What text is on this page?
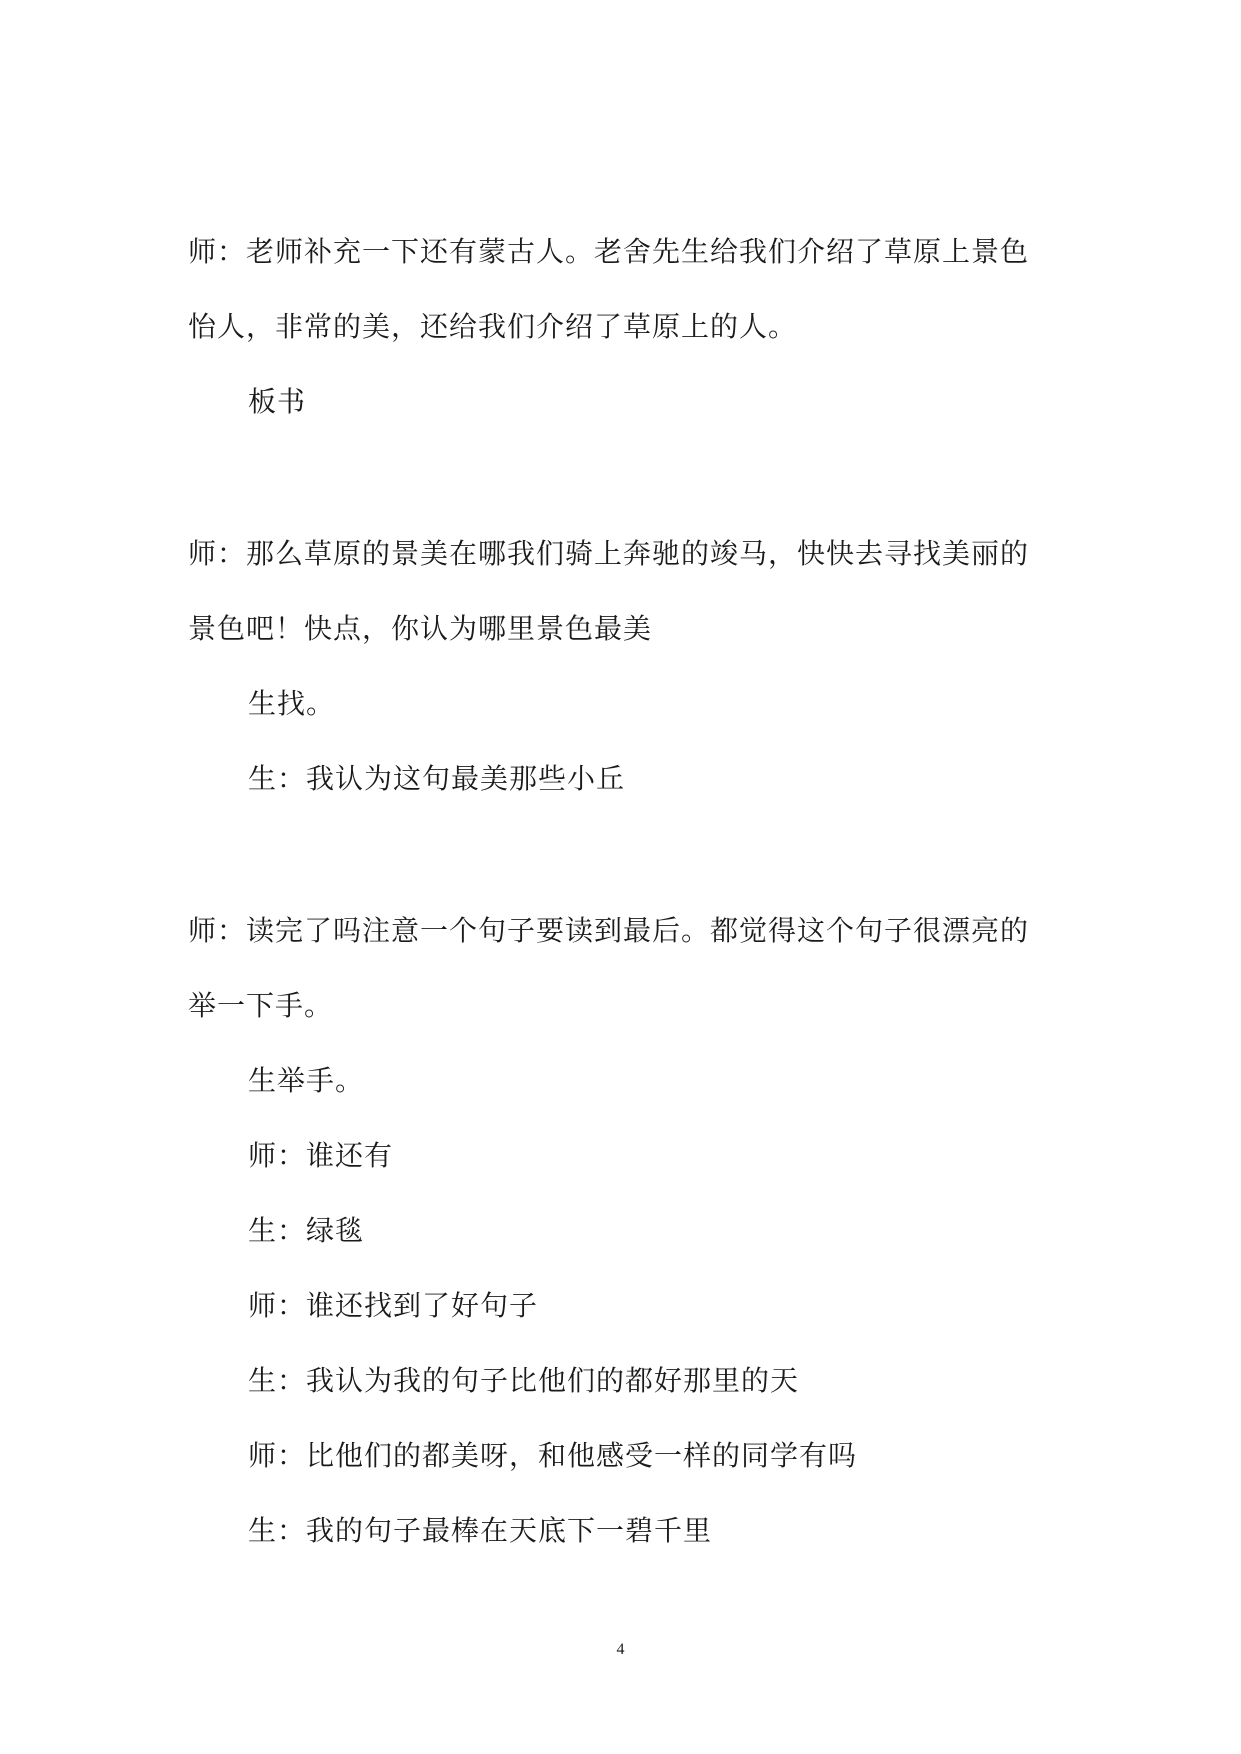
师：老师补充一下还有蒙古人。老舍先生给我们介绍了草原上景色
怡人，非常的美，还给我们介绍了草原上的人。
板书
师：那么草原的景美在哪我们骑上奔驰的竣马，快快去寻找美丽的
景色吧！快点，你认为哪里景色最美
生找。
生：我认为这句最美那些小丘
师：读完了吗注意一个句子要读到最后。都觉得这个句子很漂亮的
举一下手。
生举手。
师：谁还有
生：绿毯
师：谁还找到了好句子
生：我认为我的句子比他们的都好那里的天
师：比他们的都美呀，和他感受一样的同学有吗
生：我的句子最棒在天底下一碧千里
4
